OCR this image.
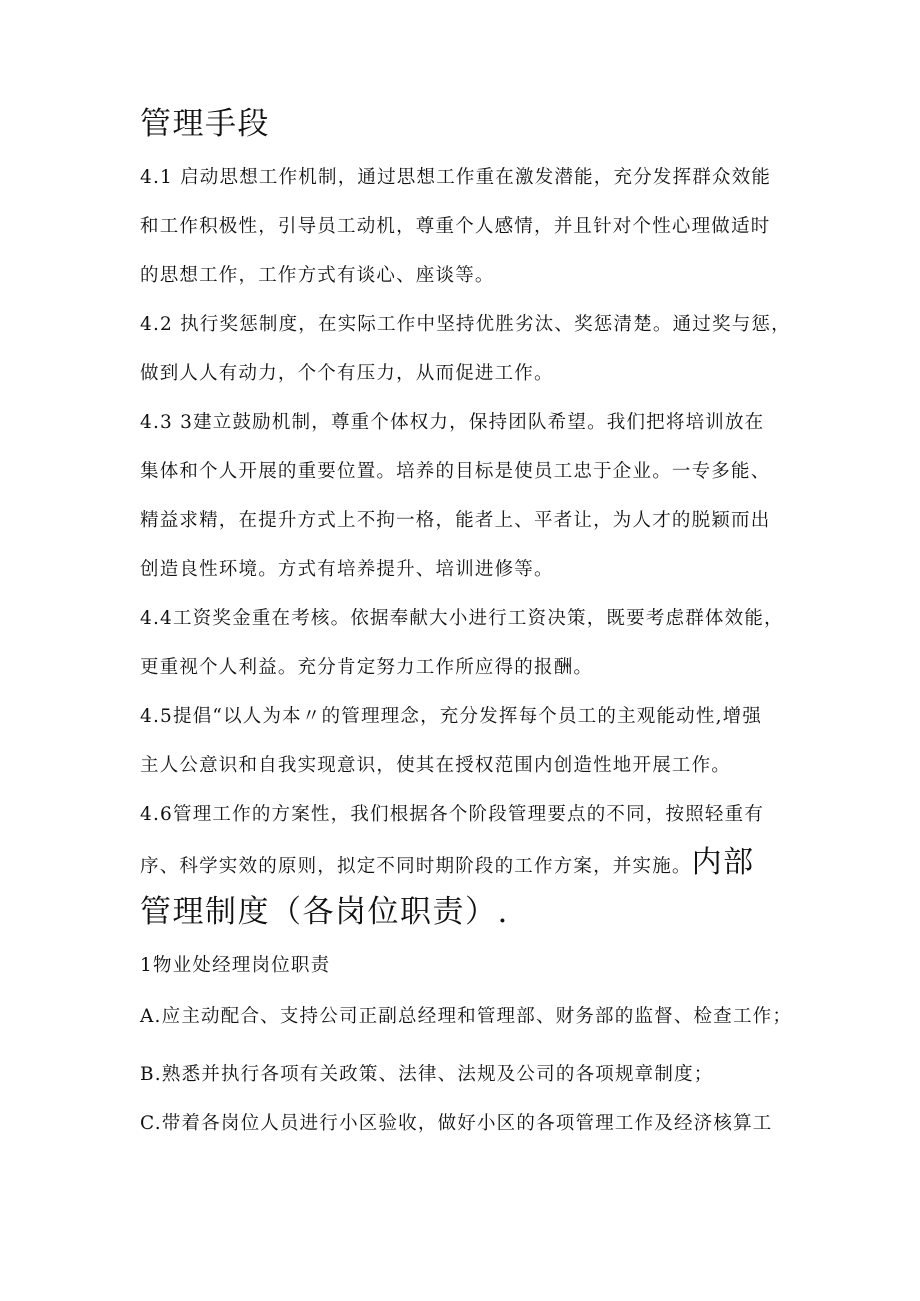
管理手段
4.1 启动思想工作机制，通过思想工作重在激发潜能，充分发挥群众效能
和工作积极性，引导员工动机，尊重个人感情，并且针对个性心理做适时
的思想工作，工作方式有谈心、座谈等。
4.2 执行奖惩制度，在实际工作中坚持优胜劣汰、奖惩清楚。通过奖与惩，
做到人人有动力，个个有压力，从而促进工作。
4.3 3建立鼓励机制，尊重个体权力，保持团队希望。我们把将培训放在
集体和个人开展的重要位置。培养的目标是使员工忠于企业。一专多能、
精益求精，在提升方式上不拘一格，能者上、平者让，为人才的脱颖而出
创造良性环境。方式有培养提升、培训进修等。
4.4工资奖金重在考核。依据奉献大小进行工资决策，既要考虑群体效能，
更重视个人利益。充分肯定努力工作所应得的报酬。
4.5提倡“以人为本〃的管理理念，充分发挥每个员工的主观能动性,增强
主人公意识和自我实现意识，使其在授权范围内创造性地开展工作。
4.6管理工作的方案性，我们根据各个阶段管理要点的不同，按照轻重有
序、科学实效的原则，拟定不同时期阶段的工作方案，并实施。内部
管理制度（各岗位职责）.
1物业处经理岗位职责
A.应主动配合、支持公司正副总经理和管理部、财务部的监督、检查工作；
B.熟悉并执行各项有关政策、法律、法规及公司的各项规章制度；
C.带着各岗位人员进行小区验收，做好小区的各项管理工作及经济核算工
